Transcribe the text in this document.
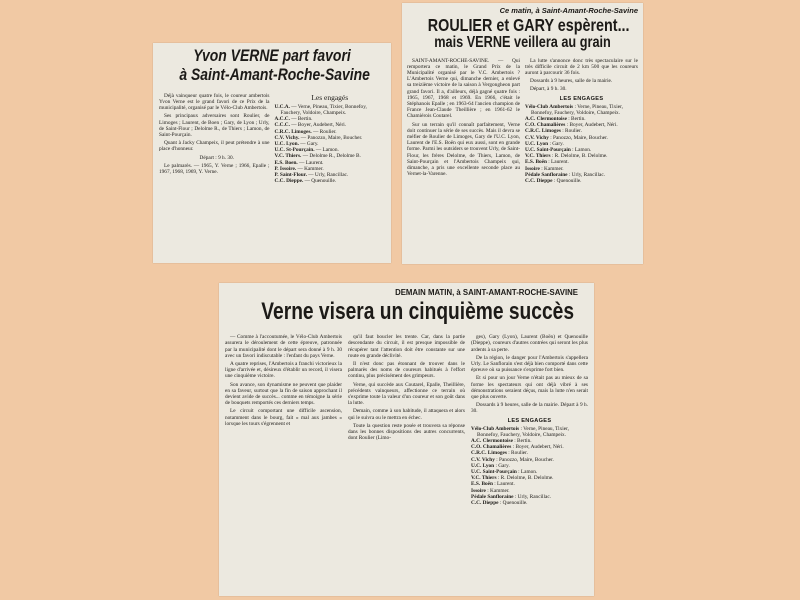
Yvon VERNE part favori
à Saint-Amant-Roche-Savine

Déjà vainqueur quatre fois, le coureur ambertois Yvon Verne est le grand favori de ce Prix de la municipalité, organisé par le Vélo-Club Ambertois.

Ses principaux adversaires sont Roulier, de Limoges ; Laurent, de Boen ; Gary, de Lyon ; Urly, de Saint-Flour ; Delolme R., de Thiers ; Lamon, de Saint-Pourçain.

Quant à Jacky Champeix, il peut prétendre à une place d'honneur.

Départ : 9 h. 30.

Le palmarès. — 1965, Y. Verne ; 1966, Epalle ; 1967, 1968, 1969, Y. Verne.

Les engagés
U.C.A. — Verne, Pineau, Tixier, Bonnefoy, Fauchery, Voldoire, Champeix.
A.C.C. — Bertin.
C.C.C. — Boyer, Audebert, Néri.
C.R.C. Limoges. — Roulier.
C.V. Vichy. — Panozzo, Maire, Boucher.
U.C. Lyon. — Gary.
U.C. St-Pourçain. — Lamon.
V.C. Thiers. — Delolme R., Delolme B.
E.S. Boen. — Laurent.
P. Issoire. — Kammer.
P. Saint-Flour. — Urly, Rancillac.
C.C. Dieppe. — Quenouille.
Ce matin, à Saint-Amant-Roche-Savine
ROULIER et GARY espèrent...
mais VERNE veillera au grain

SAINT-AMANT-ROCHE-SAVINE. — Qui remportera ce matin, le Grand Prix de la Municipalité organisé par le V.C. Ambertois ? L'Ambertois Verne qui, dimanche dernier, a enlevé sa treizième victoire de la saison à Vergongheon part grand favori. Il a, d'ailleurs, déjà gagné quatre fois : 1965, 1967, 1968 et 1969. En 1966, c'était le Stéphanois Epalle ; en 1963-64 l'ancien champion de France Jean-Claude Theillière ; en 1961-62 le Chamiérois Coutarel.

Sur un terrain qu'il connaît parfaitement, Verne doit continuer la série de ses succès. Mais il devra se méfier de Roulier de Limoges, Gary de l'U.C. Lyon, Laurent de l'E.S. Boën qui eux aussi, sont en grande forme. Parmi les outsiders se trouvent Urly, de Saint-Flour, les frères Delolme, de Thiers, Lamon, de Saint-Pourçain et l'Ambertois Champeix qui, dimanche, a pris une excellente seconde place au Vernet-la-Varenne.

La lutte s'annonce donc très spectaculaire sur le très difficile circuit de 2 km 500 que les coureurs auront à parcourir 36 fois.

Dossards à 9 heures, salle de la mairie.

Départ, à 9 h. 30.

LES ENGAGES
Vélo-Club Ambertois : Verne, Pineau, Tixier, Bonnefoy, Fauchery, Voldoire, Champeix.
A.C. Clermontoise : Bertin.
C.O. Chamalières : Boyer, Audebert, Néri.
C.R.C. Limoges : Roulier.
C.V. Vichy : Panozzo, Maire, Boucher.
U.C. Lyon : Gary.
U.C. Saint-Pourçain : Lamon.
V.C. Thiers : R. Delolme, B. Delolme.
E.S. Boën : Laurent.
Issoire : Kammer.
Pédale Sanfloraine : Urly, Rancillac.
C.C. Dieppe : Quenouille.
DEMAIN MATIN, à SAINT-AMANT-ROCHE-SAVINE
Verne visera un cinquième succès

— Comme à l'accoutumée, le Vélo-Club Ambertois assurera le déroulement de cette épreuve, patronnée par la municipalité dont le départ sera donné à 9 h. 30 avec un favori indiscutable : l'enfant du pays Verne.

A quatre reprises, l'Ambertois a franchi victorieux la ligne d'arrivée et, désireux d'établir un record, il visera une cinquième victoire.

Son avance, son dynamisme ne peuvent que plaider en sa faveur, surtout que la fin de saison approchant il devient avide de succès... comme en témoigne la série de bouquets remportés ces derniers temps.

Le circuit comportant une difficile ascension, notamment dans le bourg, fait « mal aux jambes » lorsque les tours s'égrennent et

qu'il faut boucler les trente. Car, dans la partie descendante du circuit, il est presque impossible de récupérer tant l'attention doit être constante sur une route en grande déclivité.

Il n'est donc pas étonnant de trouver dans le palmarès des noms de coureurs habitués à l'effort continu, plus précisément des grimpeurs.

Verne, qui succède aux Coutarel, Epalle, Theillière, précédents vainqueurs, affectionne ce terrain où s'exprime toute la valeur d'un coureur et son goût dans la lutte.

Demain, comme à son habitude, il attaquera et alors qui le suivra ou le mettra en échec.

Toute la question reste posée et trouvera sa réponse dans les bonnes dispositions des autres concurrents, dont Roulier (Limo-

ges), Gary (Lyon), Laurent (Boën) et Quenouille (Dieppe), coureurs d'autres contrées qui seront les plus ardents à sa perte.

De la région, le danger pour l'Ambertois s'appellera Urly. Le Sanflorain s'est déjà bien comporté dans cette épreuve où sa puissance s'exprime fort bien.

Et si pour un jour Verne n'était pas au mieux de sa forme les spectateurs qui ont déjà vibré à ses démonstrations seraient déçus, mais la lutte n'en serait que plus ouverte.

Dossards à 9 heures, salle de la mairie. Départ à 9 h. 30.

LES ENGAGES
Vélo-Club Ambertois : Verne, Pineau, Tixier, Bonnefoy, Fauchery, Voldoire, Champeix.
A.C. Clermontoise : Bertin.
C.O. Chamalières : Boyer, Audebert, Néri.
C.R.C. Limoges : Roulier.
C.V. Vichy : Panozzo, Maire, Boucher.
U.C. Lyon : Gary.
U.C. Saint-Pourçain : Lamon.
V.C. Thiers : R. Delolme, B. Delolme.
E.S. Boën : Laurent.
Issoire : Kammer.
Pédale Sanfloraine : Urly, Rancillac.
C.C. Dieppe : Quenouille.
